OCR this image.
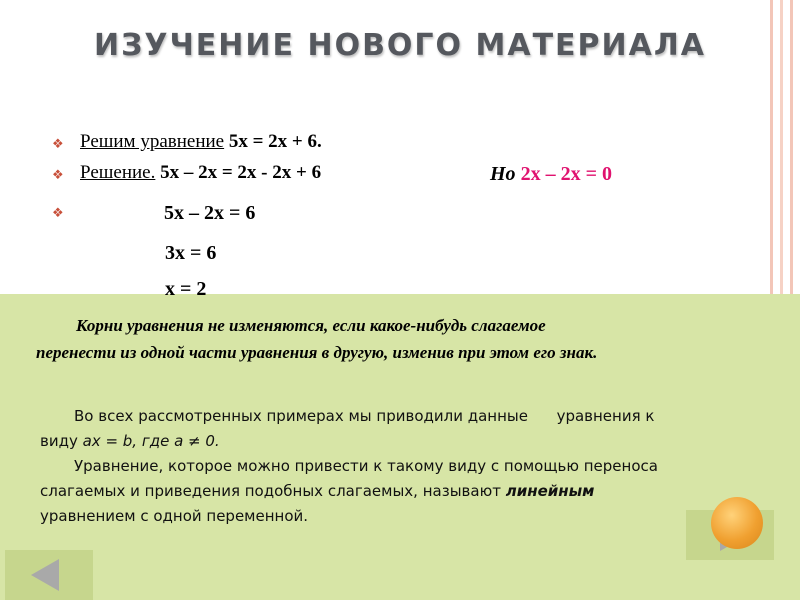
ИЗУЧЕНИЕ НОВОГО МАТЕРИАЛА
❖ Решим уравнение 5х = 2х + 6.
❖ Решение. 5х – 2х = 2х - 2х + 6	Но 2х – 2х = 0
❖	5х – 2х = 6
3х = 6
х = 2
Корни уравнения не изменяются, если какое-нибудь слагаемое
перенести из одной части уравнения в другую, изменив при этом его знак.
Во всех рассмотренных примерах мы приводили данные      уравнения к
виду ах = b, где а ≠ 0.
Уравнение, которое можно привести к такому виду с помощью переноса
слагаемых и приведения подобных слагаемых, называют линейным
уравнением с одной переменной.
